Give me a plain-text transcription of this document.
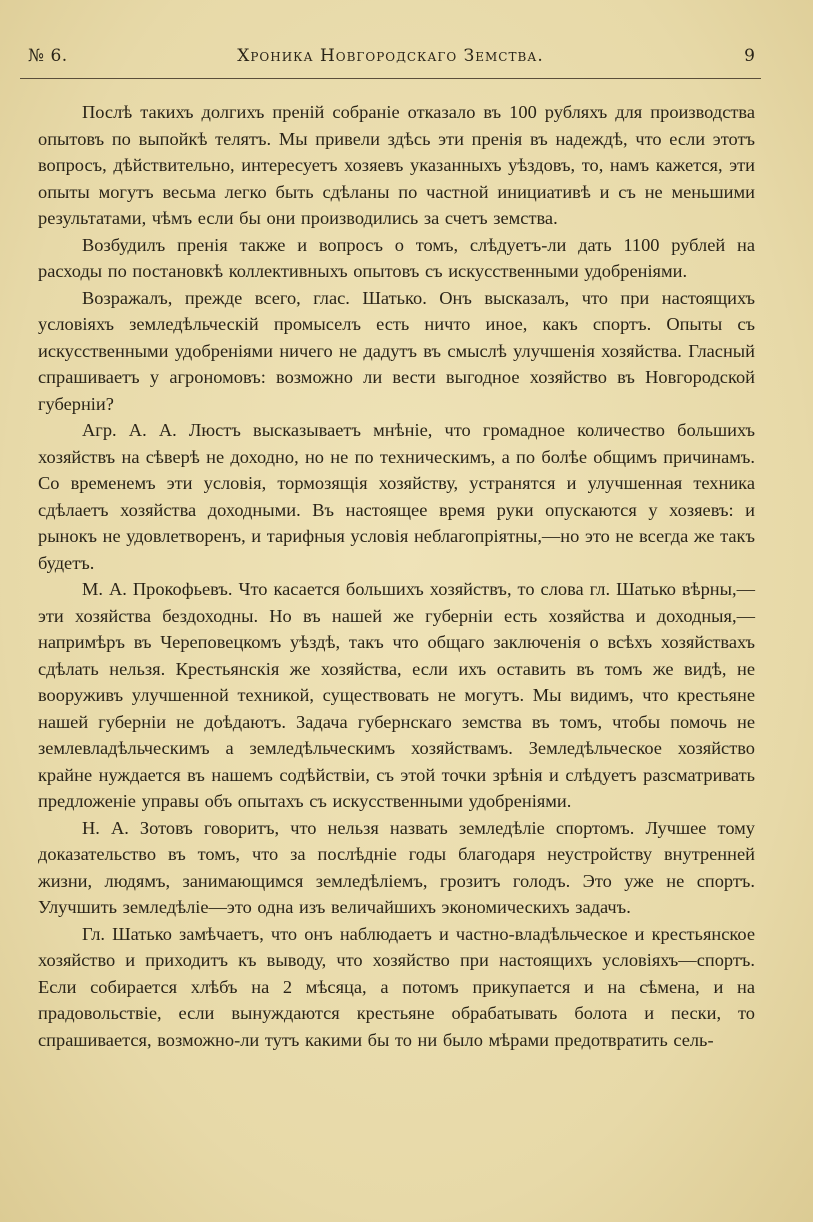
№ 6.	Хроника Новгородскаго Земства.	9

Послѣ такихъ долгихъ преній собраніе отказало въ 100 рубляхъ для производства опытовъ по выпойкѣ телятъ. Мы привели здѣсь эти пренія въ надеждѣ, что если этотъ вопросъ, дѣйствительно, интересуетъ хозяевъ указанныхъ уѣздовъ, то, намъ кажется, эти опыты могутъ весьма легко быть сдѣланы по частной инициативѣ и съ не меньшими результатами, чѣмъ если бы они производились за счетъ земства.

Возбудилъ пренія также и вопросъ о томъ, слѣдуетъ-ли дать 1100 рублей на расходы по постановкѣ коллективныхъ опытовъ съ искусственными удобреніями.

Возражалъ, прежде всего, глас. Шатько. Онъ высказалъ, что при настоящихъ условіяхъ земледѣльческій промыселъ есть ничто иное, какъ спортъ. Опыты съ искусственными удобреніями ничего не дадутъ въ смыслѣ улучшенія хозяйства. Гласный спрашиваетъ у агрономовъ: возможно ли вести выгодное хозяйство въ Новгородской губерніи?

Агр. А. А. Люстъ высказываетъ мнѣніе, что громадное количество большихъ хозяйствъ на сѣверѣ не доходно, но не по техническимъ, а по болѣе общимъ причинамъ. Со временемъ эти условія, тормозящія хозяйству, устранятся и улучшенная техника сдѣлаетъ хозяйства доходными. Въ настоящее время руки опускаются у хозяевъ: и рынокъ не удовлетворенъ, и тарифныя условія неблагопріятны,—но это не всегда же такъ будетъ.

М. А. Прокофьевъ. Что касается большихъ хозяйствъ, то слова гл. Шатько вѣрны,—эти хозяйства бездоходны. Но въ нашей же губерніи есть хозяйства и доходныя,—напримѣръ въ Череповецкомъ уѣздѣ, такъ что общаго заключенія о всѣхъ хозяйствахъ сдѣлать нельзя. Крестьянскія же хозяйства, если ихъ оставить въ томъ же видѣ, не вооруживъ улучшенной техникой, существовать не могутъ. Мы видимъ, что крестьяне нашей губерніи не доѣдаютъ. Задача губернскаго земства въ томъ, чтобы помочь не землевладѣльческимъ а земледѣльческимъ хозяйствамъ. Земледѣльческое хозяйство крайне нуждается въ нашемъ содѣйствіи, съ этой точки зрѣнія и слѣдуетъ разсматривать предложеніе управы объ опытахъ съ искусственными удобреніями.

Н. А. Зотовъ говоритъ, что нельзя назвать земледѣліе спортомъ. Лучшее тому доказательство въ томъ, что за послѣдніе годы благодаря неустройству внутренней жизни, людямъ, занимающимся земледѣліемъ, грозитъ голодъ. Это уже не спортъ. Улучшить земледѣліе—это одна изъ величайшихъ экономическихъ задачъ.

Гл. Шатько замѣчаетъ, что онъ наблюдаетъ и частно-владѣльческое и крестьянское хозяйство и приходитъ къ выводу, что хозяйство при настоящихъ условіяхъ—спортъ. Если собирается хлѣбъ на 2 мѣсяца, а потомъ прикупается и на сѣмена, и на прадовольствіе, если вынуждаются крестьяне обрабатывать болота и пески, то спрашивается, возможно-ли тутъ какими бы то ни было мѣрами предотвратить сель-
